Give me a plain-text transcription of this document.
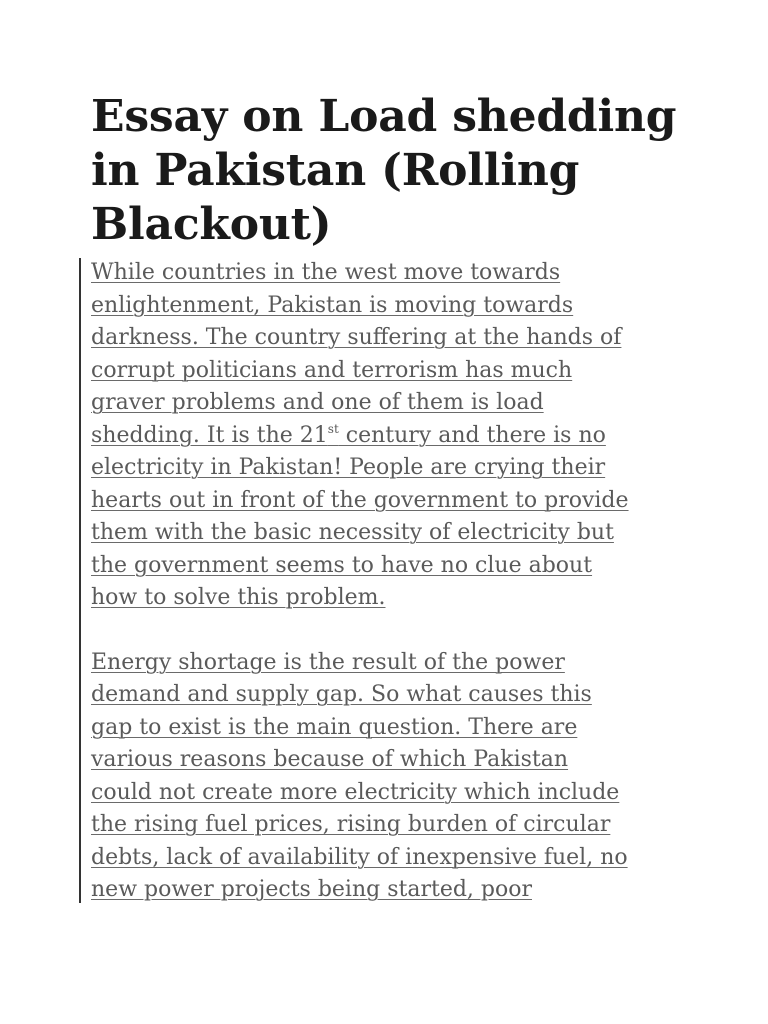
Essay on Load shedding
in Pakistan (Rolling
Blackout)

While countries in the west move towards
enlightenment, Pakistan is moving towards
darkness. The country suffering at the hands of
corrupt politicians and terrorism has much
graver problems and one of them is load
shedding. It is the 21st century and there is no
electricity in Pakistan! People are crying their
hearts out in front of the government to provide
them with the basic necessity of electricity but
the government seems to have no clue about
how to solve this problem.

Energy shortage is the result of the power
demand and supply gap. So what causes this
gap to exist is the main question. There are
various reasons because of which Pakistan
could not create more electricity which include
the rising fuel prices, rising burden of circular
debts, lack of availability of inexpensive fuel, no
new power projects being started, poor
